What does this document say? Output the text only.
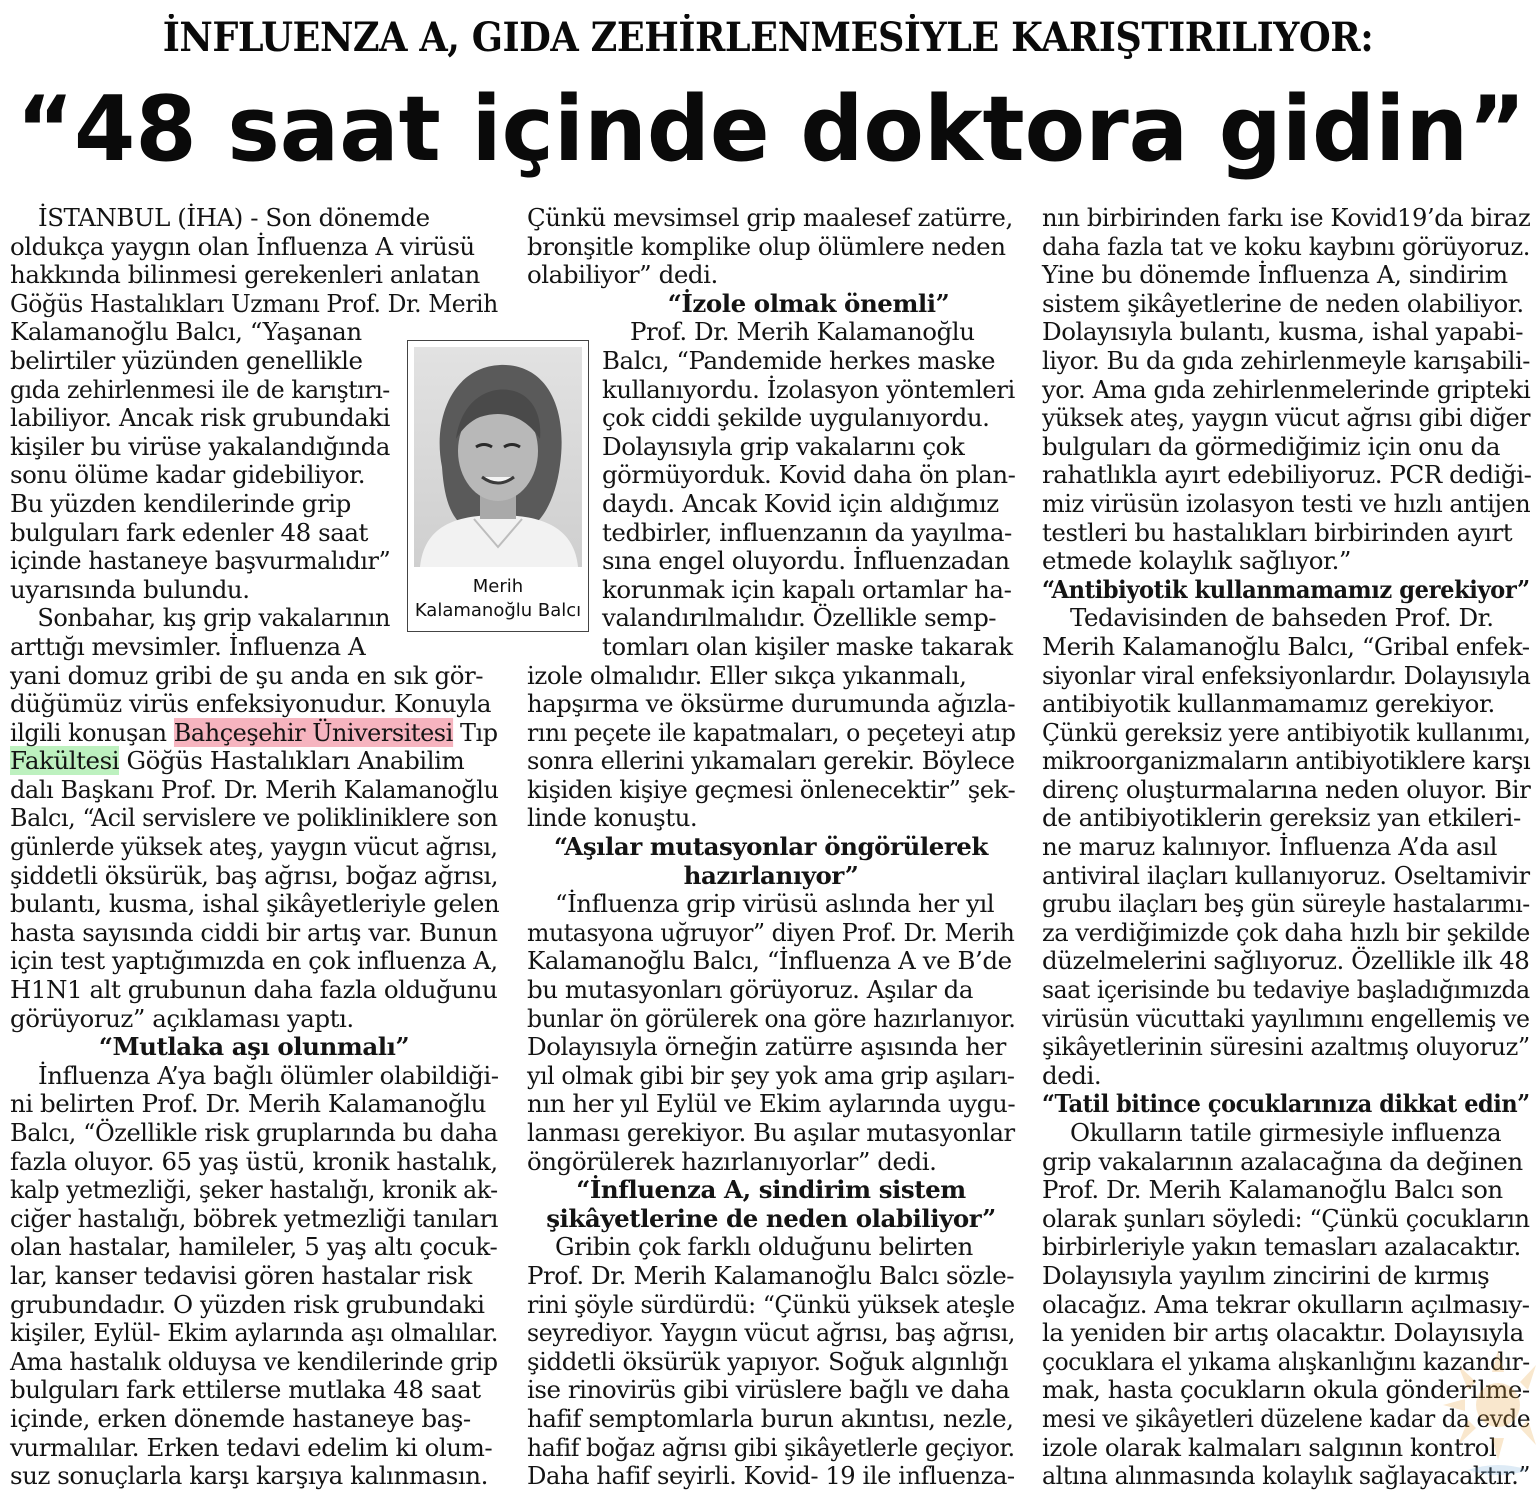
İNFLUENZA A, GIDA ZEHİRLENMESİYLE KARIŞTIRILIYOR:
“48 saat içinde doktora gidin”
İSTANBUL (İHA) - Son dönemde
oldukça yaygın olan İnfluenza A virüsü
hakkında bilinmesi gerekenleri anlatan
Göğüs Hastalıkları Uzmanı Prof. Dr. Merih
Kalamanoğlu Balcı, “Yaşanan
belirtiler yüzünden genellikle
gıda zehirlenmesi ile de karıştırı-
labiliyor. Ancak risk grubundaki
kişiler bu virüse yakalandığında
sonu ölüme kadar gidebiliyor.
Bu yüzden kendilerinde grip
bulguları fark edenler 48 saat
içinde hastaneye başvurmalıdır”
uyarısında bulundu.
Sonbahar, kış grip vakalarının
arttığı mevsimler. İnfluenza A
yani domuz gribi de şu anda en sık gör-
düğümüz virüs enfeksiyonudur. Konuyla
ilgili konuşan Bahçeşehir Üniversitesi Tıp
Fakültesi Göğüs Hastalıkları Anabilim
dalı Başkanı Prof. Dr. Merih Kalamanoğlu
Balcı, “Acil servislere ve polikliniklere son
günlerde yüksek ateş, yaygın vücut ağrısı,
şiddetli öksürük, baş ağrısı, boğaz ağrısı,
bulantı, kusma, ishal şikâyetleriyle gelen
hasta sayısında ciddi bir artış var. Bunun
için test yaptığımızda en çok influenza A,
H1N1 alt grubunun daha fazla olduğunu
görüyoruz” açıklaması yaptı.
“Mutlaka aşı olunmalı”
İnfluenza A’ya bağlı ölümler olabildiği-
ni belirten Prof. Dr. Merih Kalamanoğlu
Balcı, “Özellikle risk gruplarında bu daha
fazla oluyor. 65 yaş üstü, kronik hastalık,
kalp yetmezliği, şeker hastalığı, kronik ak-
ciğer hastalığı, böbrek yetmezliği tanıları
olan hastalar, hamileler, 5 yaş altı çocuk-
lar, kanser tedavisi gören hastalar risk
grubundadır. O yüzden risk grubundaki
kişiler, Eylül- Ekim aylarında aşı olmalılar.
Ama hastalık olduysa ve kendilerinde grip
bulguları fark ettilerse mutlaka 48 saat
içinde, erken dönemde hastaneye baş-
vurmalılar. Erken tedavi edelim ki olum-
suz sonuçlarla karşı karşıya kalınmasın.
Merih
Kalamanoğlu Balcı
Çünkü mevsimsel grip maalesef zatürre,
bronşitle komplike olup ölümlere neden
olabiliyor” dedi.
“İzole olmak önemli”
Prof. Dr. Merih Kalamanoğlu
Balcı, “Pandemide herkes maske
kullanıyordu. İzolasyon yöntemleri
çok ciddi şekilde uygulanıyordu.
Dolayısıyla grip vakalarını çok
görmüyorduk. Kovid daha ön plan-
daydı. Ancak Kovid için aldığımız
tedbirler, influenzanın da yayılma-
sına engel oluyordu. İnfluenzadan
korunmak için kapalı ortamlar ha-
valandırılmalıdır. Özellikle semp-
tomları olan kişiler maske takarak
izole olmalıdır. Eller sıkça yıkanmalı,
hapşırma ve öksürme durumunda ağızla-
rını peçete ile kapatmaları, o peçeteyi atıp
sonra ellerini yıkamaları gerekir. Böylece
kişiden kişiye geçmesi önlenecektir” şek-
linde konuştu.
“Aşılar mutasyonlar öngörülerek
hazırlanıyor”
“İnfluenza grip virüsü aslında her yıl
mutasyona uğruyor” diyen Prof. Dr. Merih
Kalamanoğlu Balcı, “İnfluenza A ve B’de
bu mutasyonları görüyoruz. Aşılar da
bunlar ön görülerek ona göre hazırlanıyor.
Dolayısıyla örneğin zatürre aşısında her
yıl olmak gibi bir şey yok ama grip aşıları-
nın her yıl Eylül ve Ekim aylarında uygu-
lanması gerekiyor. Bu aşılar mutasyonlar
öngörülerek hazırlanıyorlar” dedi.
“İnfluenza A, sindirim sistem
şikâyetlerine de neden olabiliyor”
Gribin çok farklı olduğunu belirten
Prof. Dr. Merih Kalamanoğlu Balcı sözle-
rini şöyle sürdürdü: “Çünkü yüksek ateşle
seyrediyor. Yaygın vücut ağrısı, baş ağrısı,
şiddetli öksürük yapıyor. Soğuk algınlığı
ise rinovirüs gibi virüslere bağlı ve daha
hafif semptomlarla burun akıntısı, nezle,
hafif boğaz ağrısı gibi şikâyetlerle geçiyor.
Daha hafif seyirli. Kovid- 19 ile influenza-
nın birbirinden farkı ise Kovid19’da biraz
daha fazla tat ve koku kaybını görüyoruz.
Yine bu dönemde İnfluenza A, sindirim
sistem şikâyetlerine de neden olabiliyor.
Dolayısıyla bulantı, kusma, ishal yapabi-
liyor. Bu da gıda zehirlenmeyle karışabili-
yor. Ama gıda zehirlenmelerinde gripteki
yüksek ateş, yaygın vücut ağrısı gibi diğer
bulguları da görmediğimiz için onu da
rahatlıkla ayırt edebiliyoruz. PCR dediği-
miz virüsün izolasyon testi ve hızlı antijen
testleri bu hastalıkları birbirinden ayırt
etmede kolaylık sağlıyor.”
“Antibiyotik kullanmamamız gerekiyor”
Tedavisinden de bahseden Prof. Dr.
Merih Kalamanoğlu Balcı, “Gribal enfek-
siyonlar viral enfeksiyonlardır. Dolayısıyla
antibiyotik kullanmamamız gerekiyor.
Çünkü gereksiz yere antibiyotik kullanımı,
mikroorganizmaların antibiyotiklere karşı
direnç oluşturmalarına neden oluyor. Bir
de antibiyotiklerin gereksiz yan etkileri-
ne maruz kalınıyor. İnfluenza A’da asıl
antiviral ilaçları kullanıyoruz. Oseltamivir
grubu ilaçları beş gün süreyle hastalarımı-
za verdiğimizde çok daha hızlı bir şekilde
düzelmelerini sağlıyoruz. Özellikle ilk 48
saat içerisinde bu tedaviye başladığımızda
virüsün vücuttaki yayılımını engellemiş ve
şikâyetlerinin süresini azaltmış oluyoruz”
dedi.
“Tatil bitince çocuklarınıza dikkat edin”
Okulların tatile girmesiyle influenza
grip vakalarının azalacağına da değinen
Prof. Dr. Merih Kalamanoğlu Balcı son
olarak şunları söyledi: “Çünkü çocukların
birbirleriyle yakın temasları azalacaktır.
Dolayısıyla yayılım zincirini de kırmış
olacağız. Ama tekrar okulların açılmasıy-
la yeniden bir artış olacaktır. Dolayısıyla
çocuklara el yıkama alışkanlığını kazandır-
mak, hasta çocukların okula gönderilme-
mesi ve şikâyetleri düzelene kadar da evde
izole olarak kalmaları salgının kontrol
altına alınmasında kolaylık sağlayacaktır.”
